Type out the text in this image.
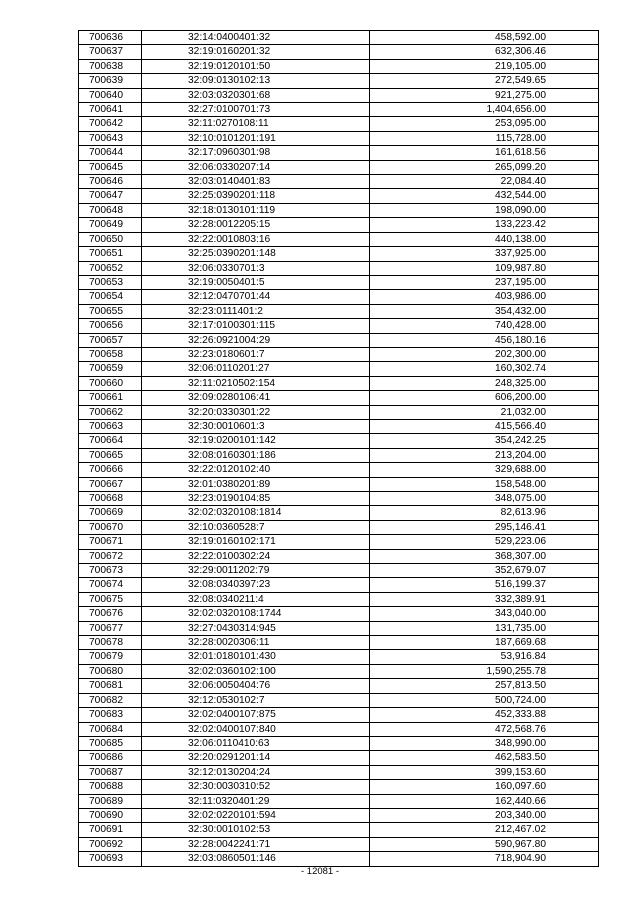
700636	32:14:0400401:32	458,592.00
700637	32:19:0160201:32	632,306.46
700638	32:19:0120101:50	219,105.00
700639	32:09:0130102:13	272,549.65
700640	32:03:0320301:68	921,275.00
700641	32:27:0100701:73	1,404,656.00
700642	32:11:0270108:11	253,095.00
700643	32:10:0101201:191	115,728.00
700644	32:17:0960301:98	161,618.56
700645	32:06:0330207:14	265,099.20
700646	32:03:0140401:83	22,084.40
700647	32:25:0390201:118	432,544.00
700648	32:18:0130101:119	198,090.00
700649	32:28:0012205:15	133,223.42
700650	32:22:0010803:16	440,138.00
700651	32:25:0390201:148	337,925.00
700652	32:06:0330701:3	109,987.80
700653	32:19:0050401:5	237,195.00
700654	32:12:0470701:44	403,986.00
700655	32:23:0111401:2	354,432.00
700656	32:17:0100301:115	740,428.00
700657	32:26:0921004:29	456,180.16
700658	32:23:0180601:7	202,300.00
700659	32:06:0110201:27	160,302.74
700660	32:11:0210502:154	248,325.00
700661	32:09:0280106:41	606,200.00
700662	32:20:0330301:22	21,032.00
700663	32:30:0010601:3	415,566.40
700664	32:19:0200101:142	354,242.25
700665	32:08:0160301:186	213,204.00
700666	32:22:0120102:40	329,688.00
700667	32:01:0380201:89	158,548.00
700668	32:23:0190104:85	348,075.00
700669	32:02:0320108:1814	82,613.96
700670	32:10:0360528:7	295,146.41
700671	32:19:0160102:171	529,223.06
700672	32:22:0100302:24	368,307.00
700673	32:29:0011202:79	352,679.07
700674	32:08:0340397:23	516,199.37
700675	32:08:0340211:4	332,389.91
700676	32:02:0320108:1744	343,040.00
700677	32:27:0430314:945	131,735.00
700678	32:28:0020306:11	187,669.68
700679	32:01:0180101:430	53,916.84
700680	32:02:0360102:100	1,590,255.78
700681	32:06:0050404:76	257,813.50
700682	32:12:0530102:7	500,724.00
700683	32:02:0400107:875	452,333.88
700684	32:02:0400107:840	472,568.76
700685	32:06:0110410:63	348,990.00
700686	32:20:0291201:14	462,583.50
700687	32:12:0130204:24	399,153.60
700688	32:30:0030310:52	160,097.60
700689	32:11:0320401:29	162,440.66
700690	32:02:0220101:594	203,340.00
700691	32:30:0010102:53	212,467.02
700692	32:28:0042241:71	590,967.80
700693	32:03:0860501:146	718,904.90
- 12081 -
